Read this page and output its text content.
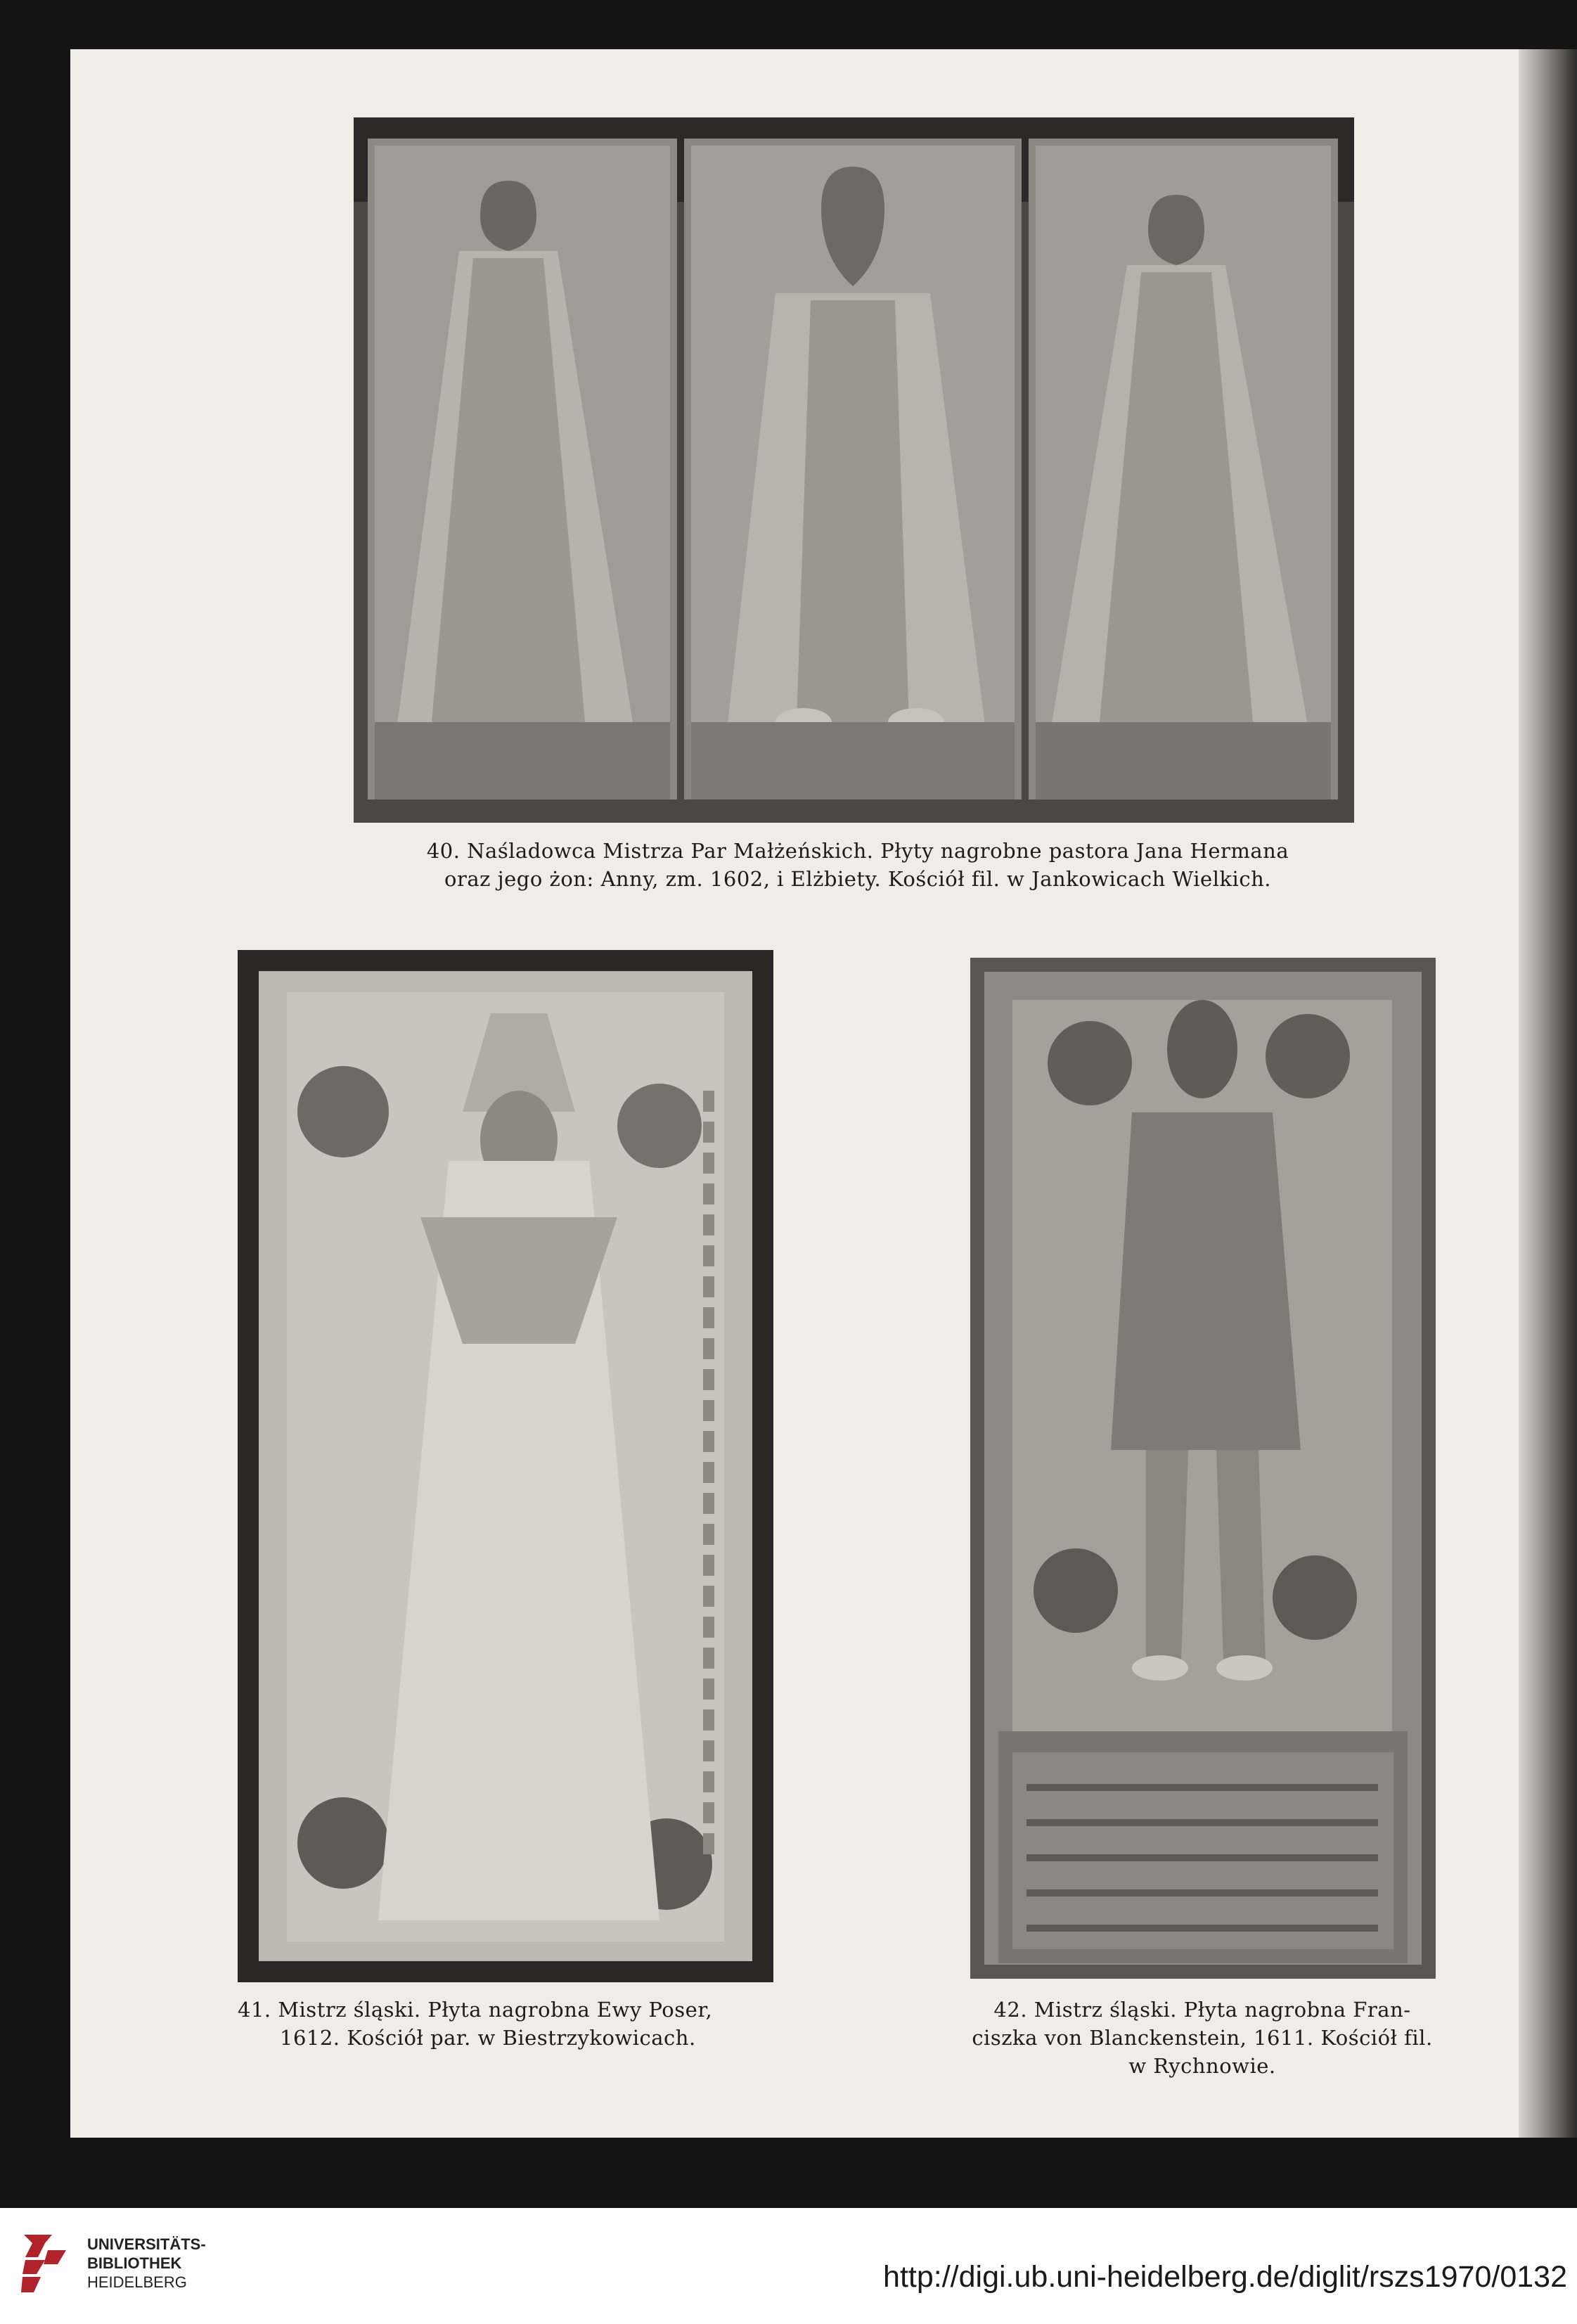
40. Naśladowca Mistrza Par Małżeńskich. Płyty nagrobne pastora Jana Hermana
oraz jego żon: Anny, zm. 1602, i Elżbiety. Kościół fil. w Jankowicach Wielkich.
41. Mistrz śląski. Płyta nagrobna Ewy Poser,
1612. Kościół par. w Biestrzykowicach.
42. Mistrz śląski. Płyta nagrobna Fran-
ciszka von Blanckenstein, 1611. Kościół fil.
w Rychnowie.
UNIVERSITÄTS-
BIBLIOTHEK
HEIDELBERG	http://digi.ub.uni-heidelberg.de/diglit/rszs1970/0132
